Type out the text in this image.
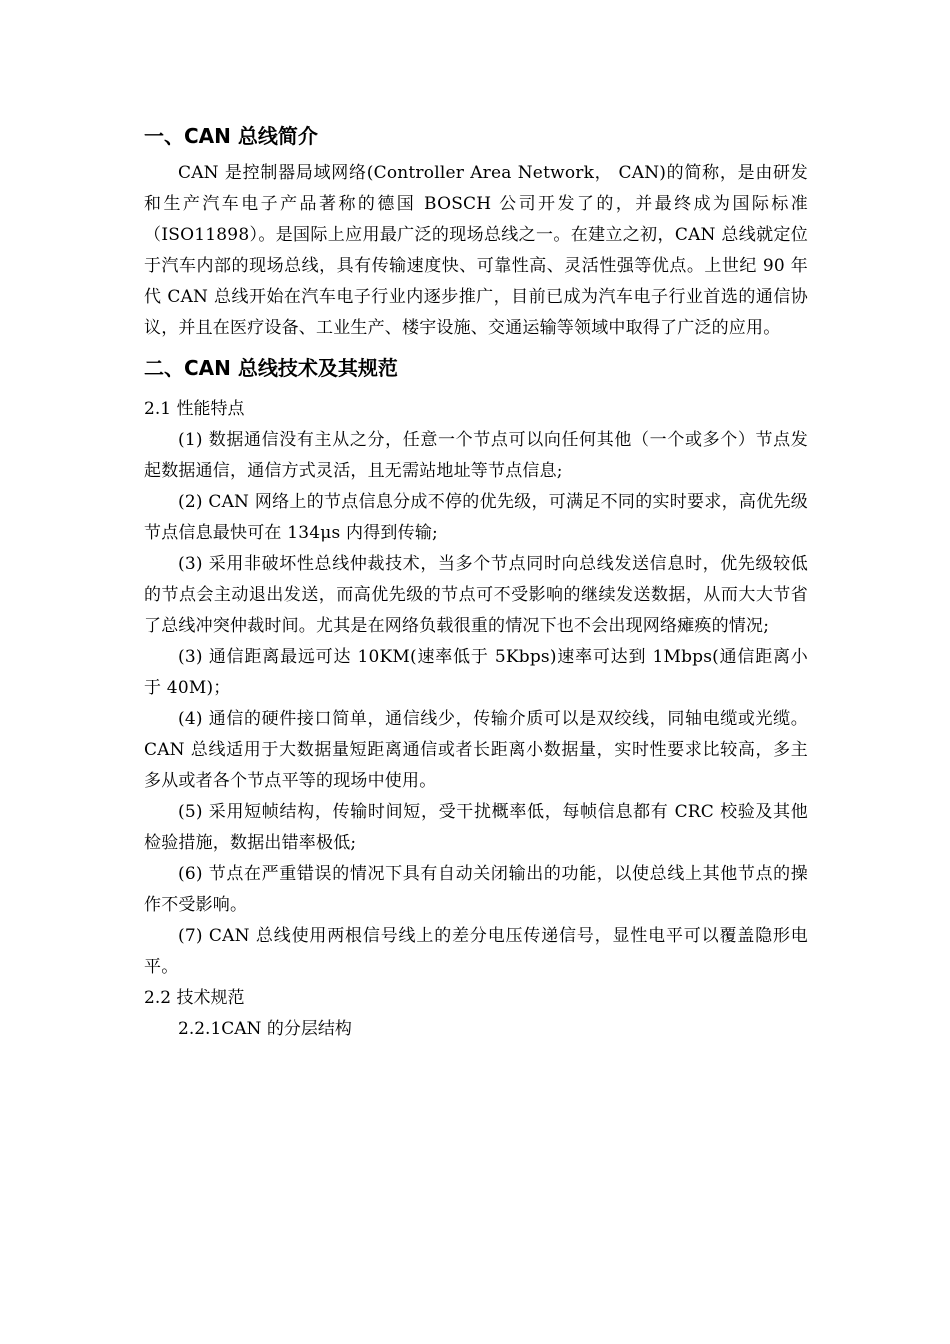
一、CAN 总线简介

CAN 是控制器局域网络(Controller Area Network， CAN)的简称，是由研发和生产汽车电子产品著称的德国 BOSCH 公司开发了的，并最终成为国际标准（ISO11898）。是国际上应用最广泛的现场总线之一。在建立之初，CAN 总线就定位于汽车内部的现场总线，具有传输速度快、可靠性高、灵活性强等优点。上世纪 90 年代 CAN 总线开始在汽车电子行业内逐步推广，目前已成为汽车电子行业首选的通信协议，并且在医疗设备、工业生产、楼宇设施、交通运输等领域中取得了广泛的应用。

二、CAN 总线技术及其规范

2.1 性能特点

(1) 数据通信没有主从之分，任意一个节点可以向任何其他（一个或多个）节点发起数据通信，通信方式灵活，且无需站地址等节点信息;

(2) CAN 网络上的节点信息分成不停的优先级，可满足不同的实时要求，高优先级节点信息最快可在 134μs 内得到传输;

(3) 采用非破坏性总线仲裁技术，当多个节点同时向总线发送信息时，优先级较低的节点会主动退出发送，而高优先级的节点可不受影响的继续发送数据，从而大大节省了总线冲突仲裁时间。尤其是在网络负载很重的情况下也不会出现网络瘫痪的情况;

(3) 通信距离最远可达 10KM(速率低于 5Kbps)速率可达到 1Mbps(通信距离小于 40M)；

(4) 通信的硬件接口简单，通信线少，传输介质可以是双绞线，同轴电缆或光缆。CAN 总线适用于大数据量短距离通信或者长距离小数据量，实时性要求比较高，多主多从或者各个节点平等的现场中使用。

(5) 采用短帧结构，传输时间短，受干扰概率低，每帧信息都有 CRC 校验及其他检验措施，数据出错率极低;

(6) 节点在严重错误的情况下具有自动关闭输出的功能，以使总线上其他节点的操作不受影响。

(7) CAN 总线使用两根信号线上的差分电压传递信号，显性电平可以覆盖隐形电平。

2.2 技术规范

2.2.1CAN 的分层结构
